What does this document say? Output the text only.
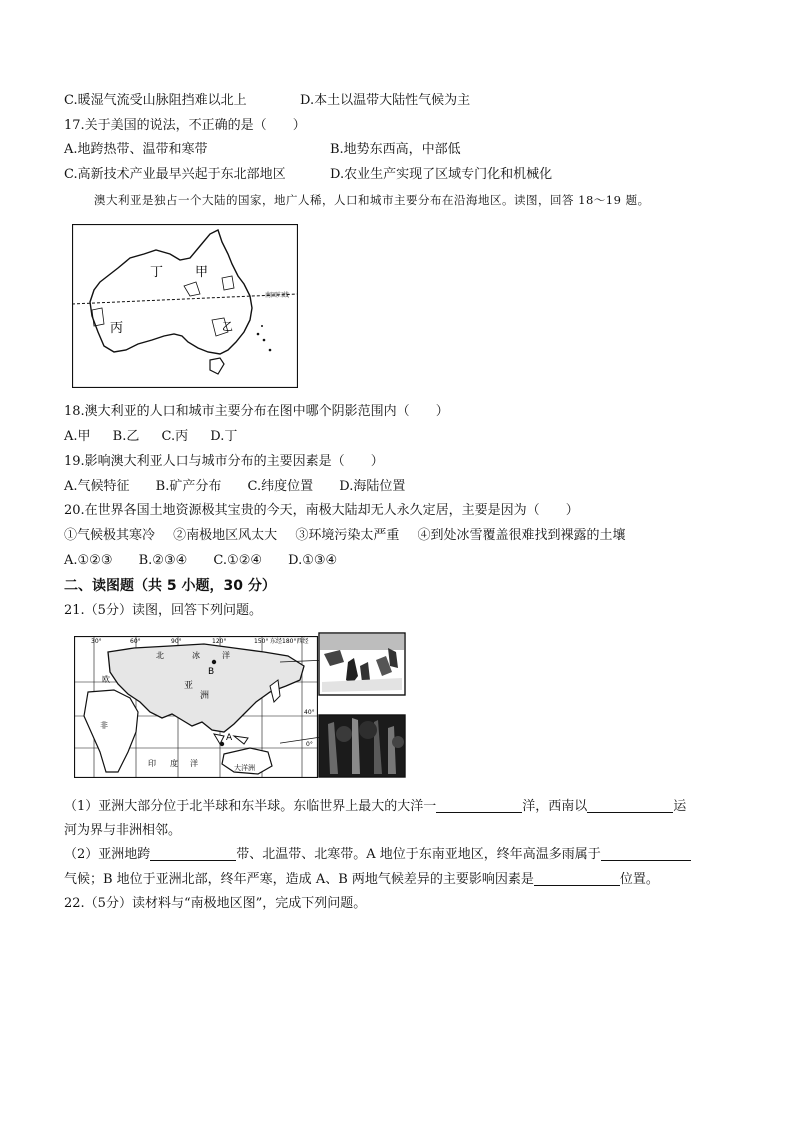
C.暖湿气流受山脉阻挡难以北上	D.本土以温带大陆性气候为主
17.关于美国的说法，不正确的是（ ）
A.地跨热带、温带和寒带	B.地势东西高，中部低
C.高新技术产业最早兴起于东北部地区	D.农业生产实现了区域专门化和机械化
澳大利亚是独占一个大陆的国家，地广人稀，人口和城市主要分布在沿海地区。读图，回答 18～19 题。
丁 甲
丙	乙
南回归线
18.澳大利亚的人口和城市主要分布在图中哪个阴影范围内（ ）
A.甲 B.乙 C.丙 D.丁
19.影响澳大利亚人口与城市分布的主要因素是（ ）
A.气候特征 B.矿产分布 C.纬度位置 D.海陆位置
20.在世界各国土地资源极其宝贵的今天，南极大陆却无人永久定居，主要是因为（ ）
①气候极其寒冷 ②南极地区风太大 ③环境污染太严重 ④到处冰雪覆盖很难找到裸露的土壤
A.①②③ B.②③④ C.①②④ D.①③④
二、读图题（共 5 小题，30 分）
21.（5分）读图，回答下列问题。
A
B
30°	60°	90°	120°	150° 东经180°西经
40°
0°
北	冰	洋
亚
洲
欧
非
印 度 洋	大洋洲
（1）亚洲大部分位于北半球和东半球。东临世界上最大的大洋一	洋，西南以	运
河为界与非洲相邻。
（2）亚洲地跨	带、北温带、北寒带。A 地位于东南亚地区，终年高温多雨属于
气候；B 地位于亚洲北部，终年严寒，造成 A、B 两地气候差异的主要影响因素是	位置。
22.（5分）读材料与“南极地区图”，完成下列问题。
